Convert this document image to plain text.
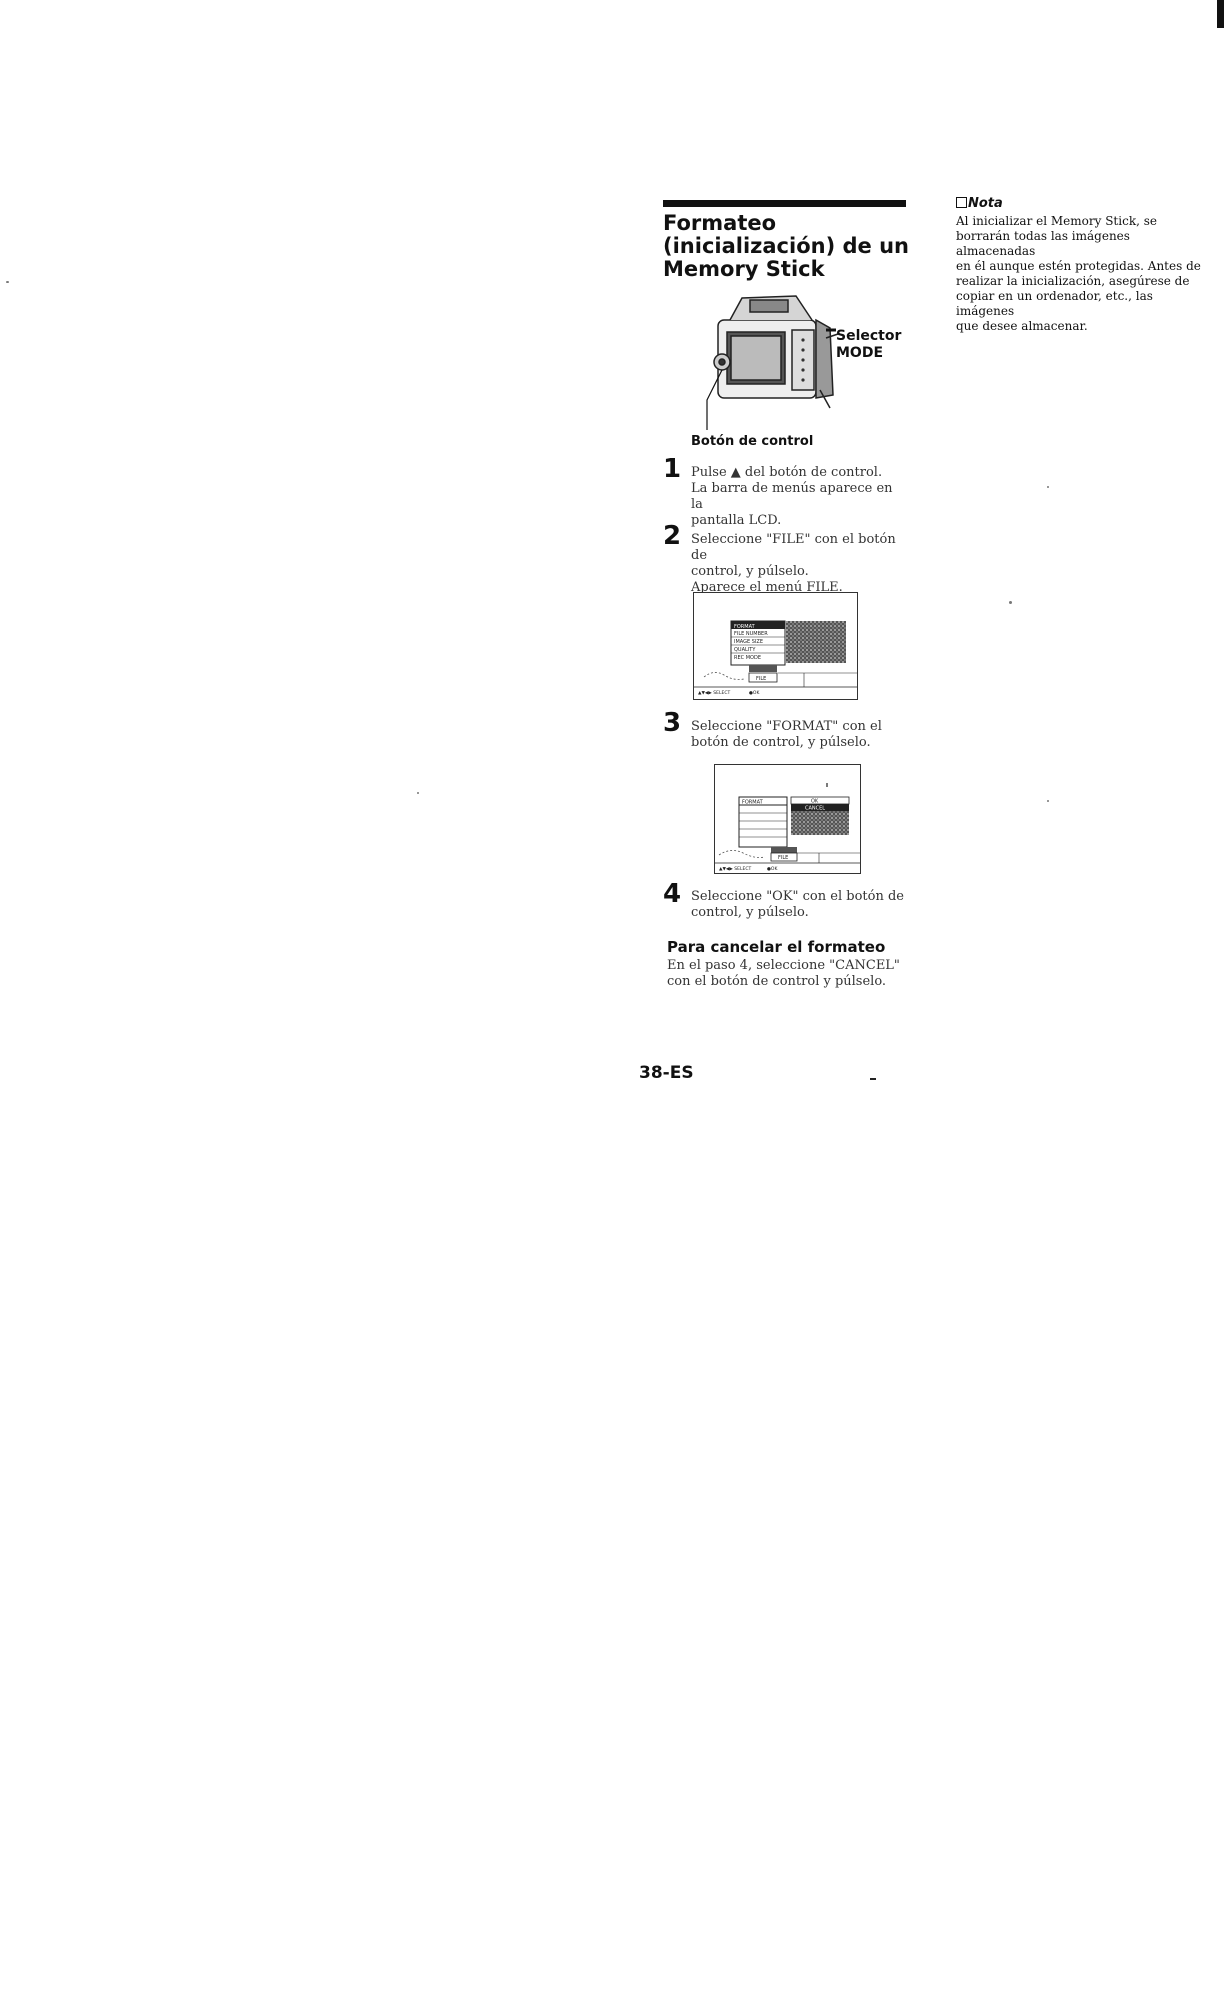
Formateo (inicialización) de un Memory Stick
Selector
MODE
Botón de control
1 Pulse ▲ del botón de control.
La barra de menús aparece en la
pantalla LCD.
2 Seleccione "FILE" con el botón de
control, y púlselo.
Aparece el menú FILE.
FORMAT
FILE NUMBER
IMAGE SIZE
QUALITY
REC MODE
FILE
▲▼◀▶ SELECT	●OK
3 Seleccione "FORMAT" con el
botón de control, y púlselo.
FORMAT	OK
CANCEL
FILE
▲▼◀▶ SELECT	●OK
4 Seleccione "OK" con el botón de
control, y púlselo.
Para cancelar el formateo
En el paso 4, seleccione "CANCEL"
con el botón de control y púlselo.
38-ES
Nota
Al inicializar el Memory Stick, se
borrarán todas las imágenes almacenadas
en él aunque estén protegidas. Antes de
realizar la inicialización, asegúrese de
copiar en un ordenador, etc., las imágenes
que desee almacenar.
